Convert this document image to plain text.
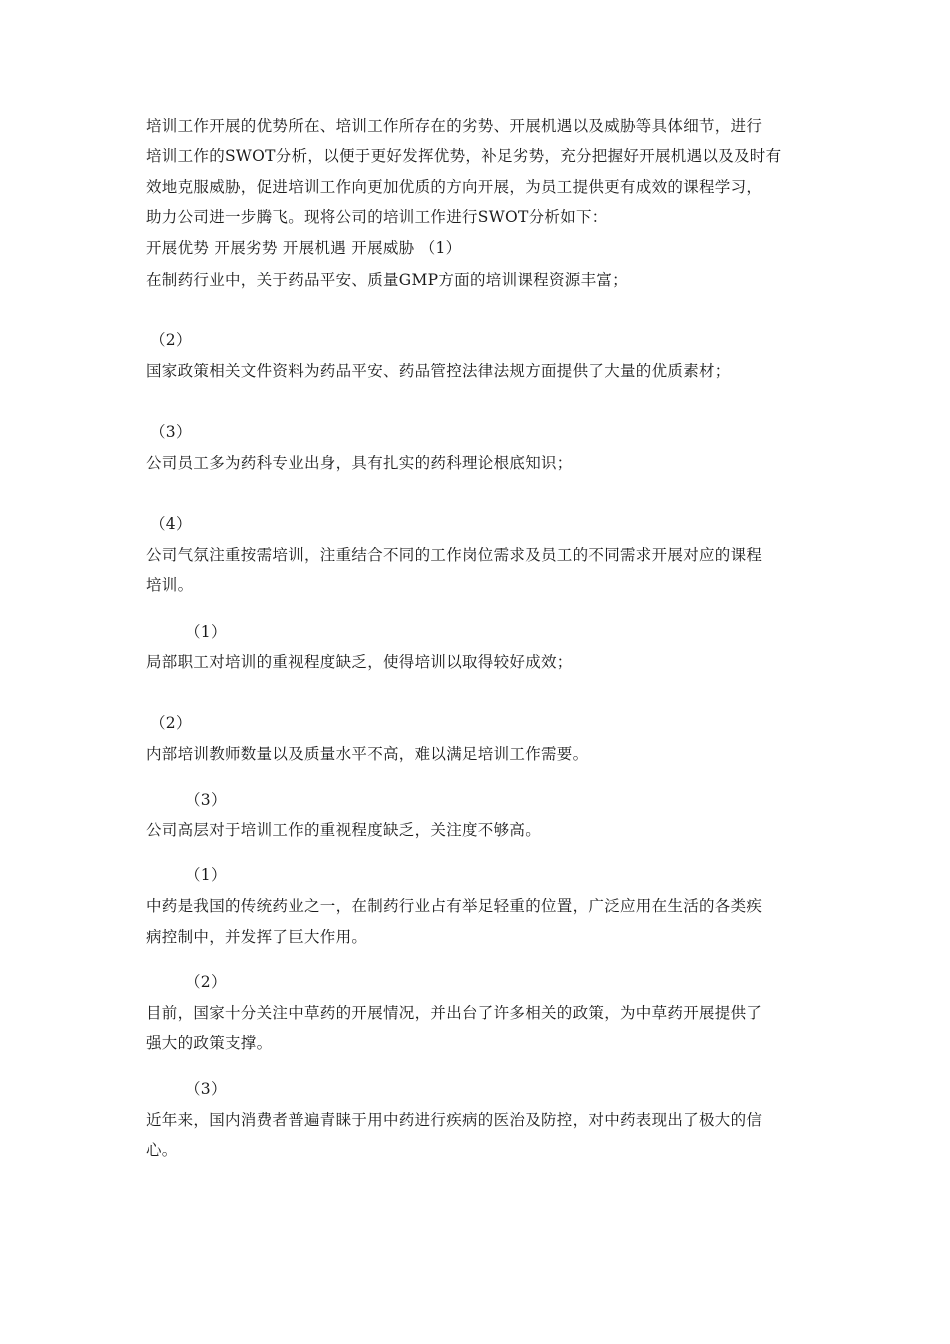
培训工作开展的优势所在、培训工作所存在的劣势、开展机遇以及威胁等具体细节，进行
培训工作的SWOT分析，以便于更好发挥优势，补足劣势，充分把握好开展机遇以及及时有
效地克服威胁，促进培训工作向更加优质的方向开展，为员工提供更有成效的课程学习，
助力公司进一步腾飞。现将公司的培训工作进行SWOT分析如下：
开展优势 开展劣势 开展机遇 开展威胁 （1）
在制药行业中，关于药品平安、质量GMP方面的培训课程资源丰富；
（2）
国家政策相关文件资料为药品平安、药品管控法律法规方面提供了大量的优质素材；
（3）
公司员工多为药科专业出身，具有扎实的药科理论根底知识；
（4）
公司气氛注重按需培训，注重结合不同的工作岗位需求及员工的不同需求开展对应的课程
培训。
（1）
局部职工对培训的重视程度缺乏，使得培训以取得较好成效；
（2）
内部培训教师数量以及质量水平不高，难以满足培训工作需要。
（3）
公司高层对于培训工作的重视程度缺乏，关注度不够高。
（1）
中药是我国的传统药业之一，在制药行业占有举足轻重的位置，广泛应用在生活的各类疾
病控制中，并发挥了巨大作用。
（2）
目前，国家十分关注中草药的开展情况，并出台了许多相关的政策，为中草药开展提供了
强大的政策支撑。
（3）
近年来，国内消费者普遍青睐于用中药进行疾病的医治及防控，对中药表现出了极大的信
心。
